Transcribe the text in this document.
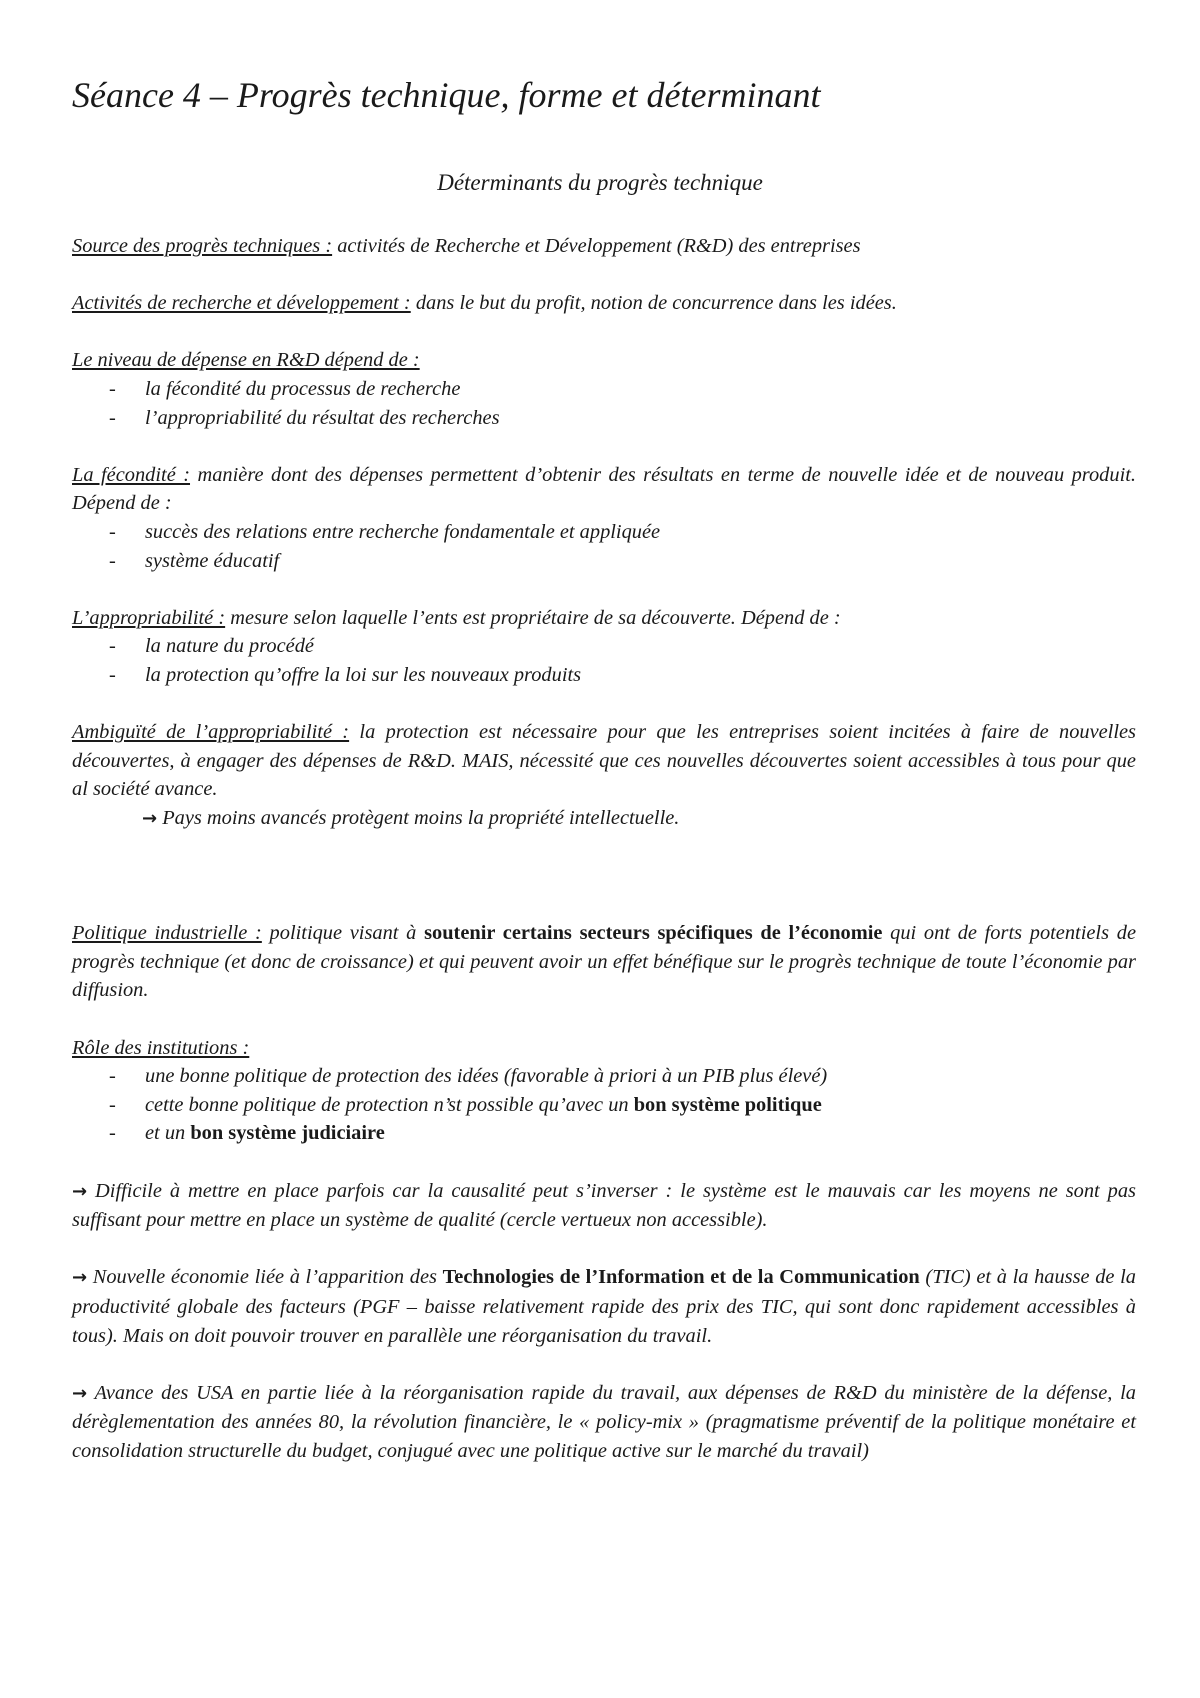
Séance 4 – Progrès technique, forme et déterminant
Déterminants du progrès technique

Source des progrès techniques : activités de Recherche et Développement (R&D) des entreprises

Activités de recherche et développement : dans le but du profit, notion de concurrence dans les idées.

Le niveau de dépense en R&D dépend de :

- la fécondité du processus de recherche
- l’appropriabilité du résultat des recherches

La fécondité : manière dont des dépenses permettent d’obtenir des résultats en terme de nouvelle idée et de nouveau produit. Dépend de :

- succès des relations entre recherche fondamentale et appliquée
- système éducatif

L’appropriabilité : mesure selon laquelle l’ents est propriétaire de sa découverte. Dépend de :

- la nature du procédé
- la protection qu’offre la loi sur les nouveaux produits

Ambiguïté de l’appropriabilité : la protection est nécessaire pour que les entreprises soient incitées à faire de nouvelles découvertes, à engager des dépenses de R&D. MAIS, nécessité que ces nouvelles découvertes soient accessibles à tous pour que al société avance.

→ Pays moins avancés protègent moins la propriété intellectuelle.

Politique industrielle : politique visant à soutenir certains secteurs spécifiques de l’économie qui ont de forts potentiels de progrès technique (et donc de croissance) et qui peuvent avoir un effet bénéfique sur le progrès technique de toute l’économie par diffusion.

Rôle des institutions :

- une bonne politique de protection des idées (favorable à priori à un PIB plus élevé)
- cette bonne politique de protection n’st possible qu’avec un bon système politique
- et un bon système judiciaire

→ Difficile à mettre en place parfois car la causalité peut s’inverser : le système est le mauvais car les moyens ne sont pas suffisant pour mettre en place un système de qualité (cercle vertueux non accessible).

→ Nouvelle économie liée à l’apparition des Technologies de l’Information et de la Communication (TIC) et à la hausse de la productivité globale des facteurs (PGF – baisse relativement rapide des prix des TIC, qui sont donc rapidement accessibles à tous). Mais on doit pouvoir trouver en parallèle une réorganisation du travail.

→ Avance des USA en partie liée à la réorganisation rapide du travail, aux dépenses de R&D du ministère de la défense, la dérèglementation des années 80, la révolution financière, le « policy-mix » (pragmatisme préventif de la politique monétaire et consolidation structurelle du budget, conjugué avec une politique active sur le marché du travail)
